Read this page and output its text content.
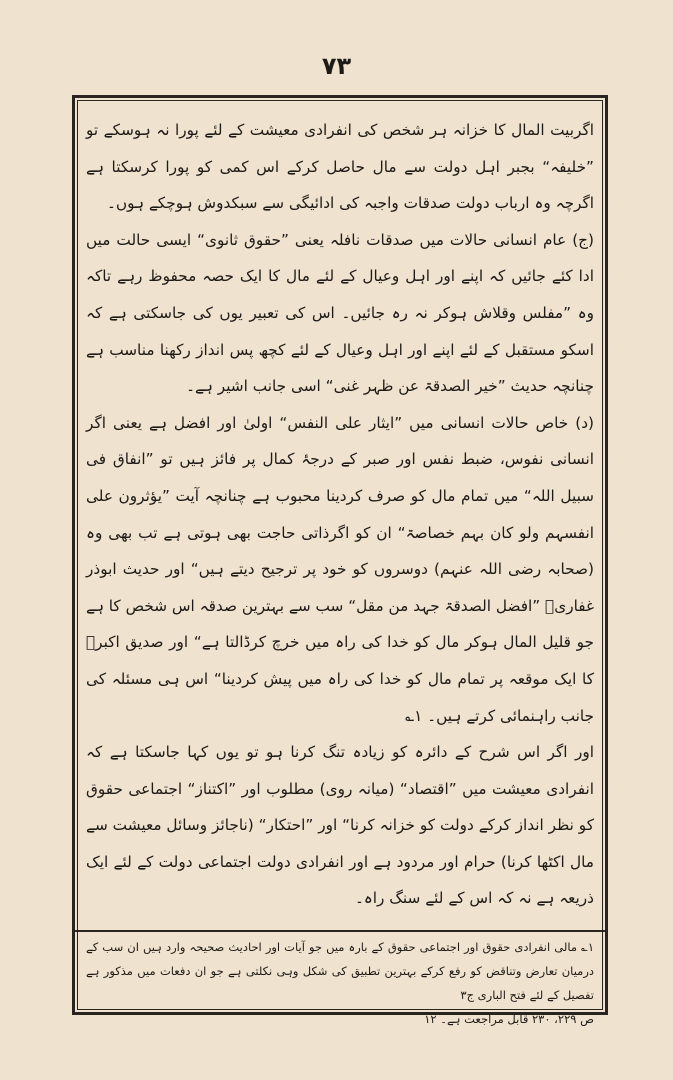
۷۳

اگربیت المال کا خزانہ ہر شخص کی انفرادی معیشت کے لئے پورا نہ ہوسکے تو ”خلیفہ“ بجبر اہل دولت سے مال حاصل کرکے اس کمی کو پورا کرسکتا ہے اگرچہ وہ ارباب دولت صدقات واجبہ کی ادائیگی سے سبکدوش ہوچکے ہوں۔

(ج) عام انسانی حالات میں صدقات نافلہ یعنی ”حقوق ثانوی“ ایسی حالت میں ادا کئے جائیں کہ اپنے اور اہل وعیال کے لئے مال کا ایک حصہ محفوظ رہے تاکہ وہ ”مفلس وقلاش ہوکر نہ رہ جائیں۔ اس کی تعبیر یوں کی جاسکتی ہے کہ اسکو مستقبل کے لئے اپنے اور اہل وعیال کے لئے کچھ پس انداز رکھنا مناسب ہے چنانچہ حدیث ”خیر الصدقۃ عن ظہر غنی“ اسی جانب اشیر ہے۔

(د) خاص حالات انسانی میں ”ایثار علی النفس“ اولیٰ اور افضل ہے یعنی اگر انسانی نفوس، ضبط نفس اور صبر کے درجۂ کمال پر فائز ہیں تو ”انفاق فی سبیل اللہ“ میں تمام مال کو صرف کردینا محبوب ہے چنانچہ آیت ”یؤثرون علی انفسہم ولو کان بہم خصاصۃ“ ان کو اگرذاتی حاجت بھی ہوتی ہے تب بھی وہ (صحابہ رضی اللہ عنہم) دوسروں کو خود پر ترجیح دیتے ہیں“ اور حدیث ابوذر غفاریؓ ”افضل الصدقۃ جہد من مقل“ سب سے بہترین صدقہ اس شخص کا ہے جو قلیل المال ہوکر مال کو خدا کی راہ میں خرچ کرڈالتا ہے“ اور صدیق اکبرؓ کا ایک موقعہ پر تمام مال کو خدا کی راہ میں پیش کردینا“ اس ہی مسئلہ کی جانب راہنمائی کرتے ہیں۔ ۱؎

اور اگر اس شرح کے دائرہ کو زیادہ تنگ کرنا ہو تو یوں کہا جاسکتا ہے کہ انفرادی معیشت میں ”اقتصاد“ (میانہ روی) مطلوب اور ”اکتناز“ اجتماعی حقوق کو نظر انداز کرکے دولت کو خزانہ کرنا“ اور ”احتکار“ (ناجائز وسائل معیشت سے مال اکٹھا کرنا) حرام اور مردود ہے اور انفرادی دولت اجتماعی دولت کے لئے ایک ذریعہ ہے نہ کہ اس کے لئے سنگ راہ۔

۱؎ مالی انفرادی حقوق اور اجتماعی حقوق کے بارہ میں جو آیات اور احادیث صحیحہ وارد ہیں ان سب کے درمیان تعارض وتناقض کو رفع کرکے بہترین تطبیق کی شکل وہی نکلتی ہے جو ان دفعات میں مذکور ہے تفصیل کے لئے فتح الباری ج۳

ص ۲۲۹، ۲۳۰ قابل مراجعت ہے۔ ۱۲
